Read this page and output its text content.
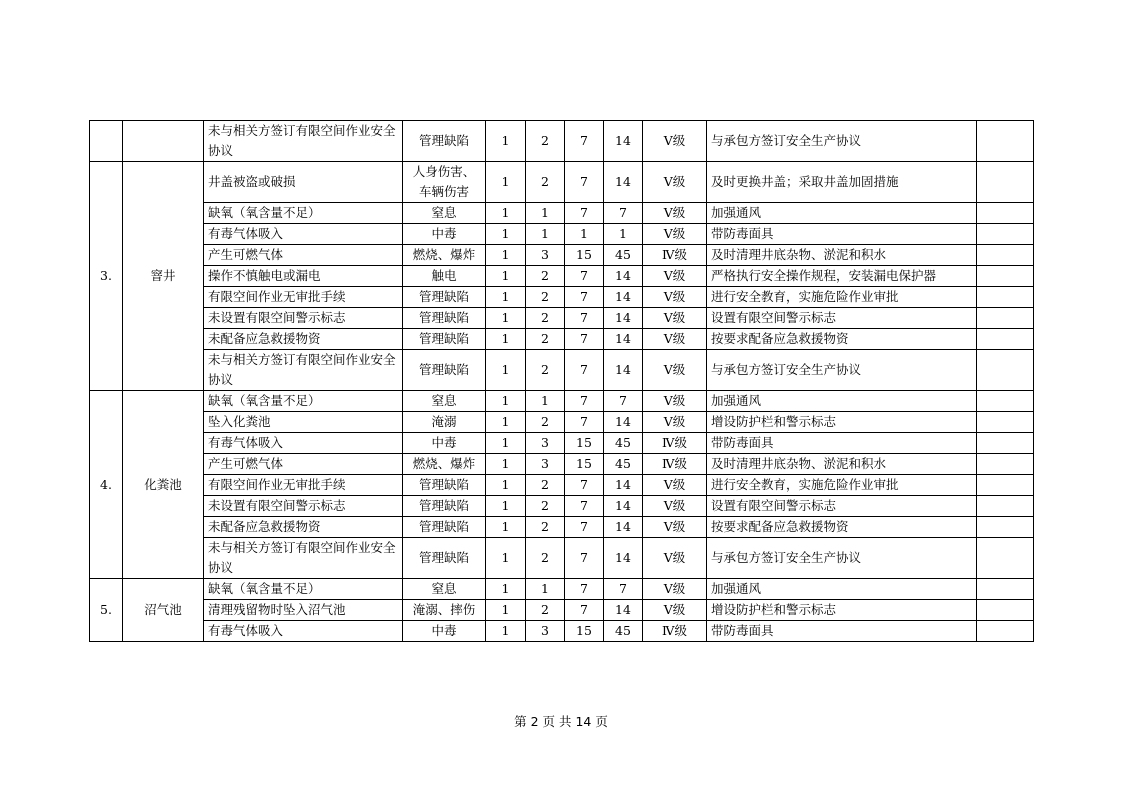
		未与相关方签订有限空间作业安全协议	管理缺陷	1	2	7	14	Ⅴ级	与承包方签订安全生产协议	
3.	窨井	井盖被盗或破损	人身伤害、车辆伤害	1	2	7	14	Ⅴ级	及时更换井盖；采取井盖加固措施	
		缺氧（氧含量不足）	窒息	1	1	7	7	Ⅴ级	加强通风	
		有毒气体吸入	中毒	1	1	1	1	Ⅴ级	带防毒面具	
		产生可燃气体	燃烧、爆炸	1	3	15	45	Ⅳ级	及时清理井底杂物、淤泥和积水	
		操作不慎触电或漏电	触电	1	2	7	14	Ⅴ级	严格执行安全操作规程，安装漏电保护器	
		有限空间作业无审批手续	管理缺陷	1	2	7	14	Ⅴ级	进行安全教育，实施危险作业审批	
		未设置有限空间警示标志	管理缺陷	1	2	7	14	Ⅴ级	设置有限空间警示标志	
		未配备应急救援物资	管理缺陷	1	2	7	14	Ⅴ级	按要求配备应急救援物资	
		未与相关方签订有限空间作业安全协议	管理缺陷	1	2	7	14	Ⅴ级	与承包方签订安全生产协议	
4.	化粪池	缺氧（氧含量不足）	窒息	1	1	7	7	Ⅴ级	加强通风	
		坠入化粪池	淹溺	1	2	7	14	Ⅴ级	增设防护栏和警示标志	
		有毒气体吸入	中毒	1	3	15	45	Ⅳ级	带防毒面具	
		产生可燃气体	燃烧、爆炸	1	3	15	45	Ⅳ级	及时清理井底杂物、淤泥和积水	
		有限空间作业无审批手续	管理缺陷	1	2	7	14	Ⅴ级	进行安全教育，实施危险作业审批	
		未设置有限空间警示标志	管理缺陷	1	2	7	14	Ⅴ级	设置有限空间警示标志	
		未配备应急救援物资	管理缺陷	1	2	7	14	Ⅴ级	按要求配备应急救援物资	
		未与相关方签订有限空间作业安全协议	管理缺陷	1	2	7	14	Ⅴ级	与承包方签订安全生产协议	
5.	沼气池	缺氧（氧含量不足）	窒息	1	1	7	7	Ⅴ级	加强通风	
		清理残留物时坠入沼气池	淹溺、摔伤	1	2	7	14	Ⅴ级	增设防护栏和警示标志	
		有毒气体吸入	中毒	1	3	15	45	Ⅳ级	带防毒面具	
第 2 页 共 14 页
